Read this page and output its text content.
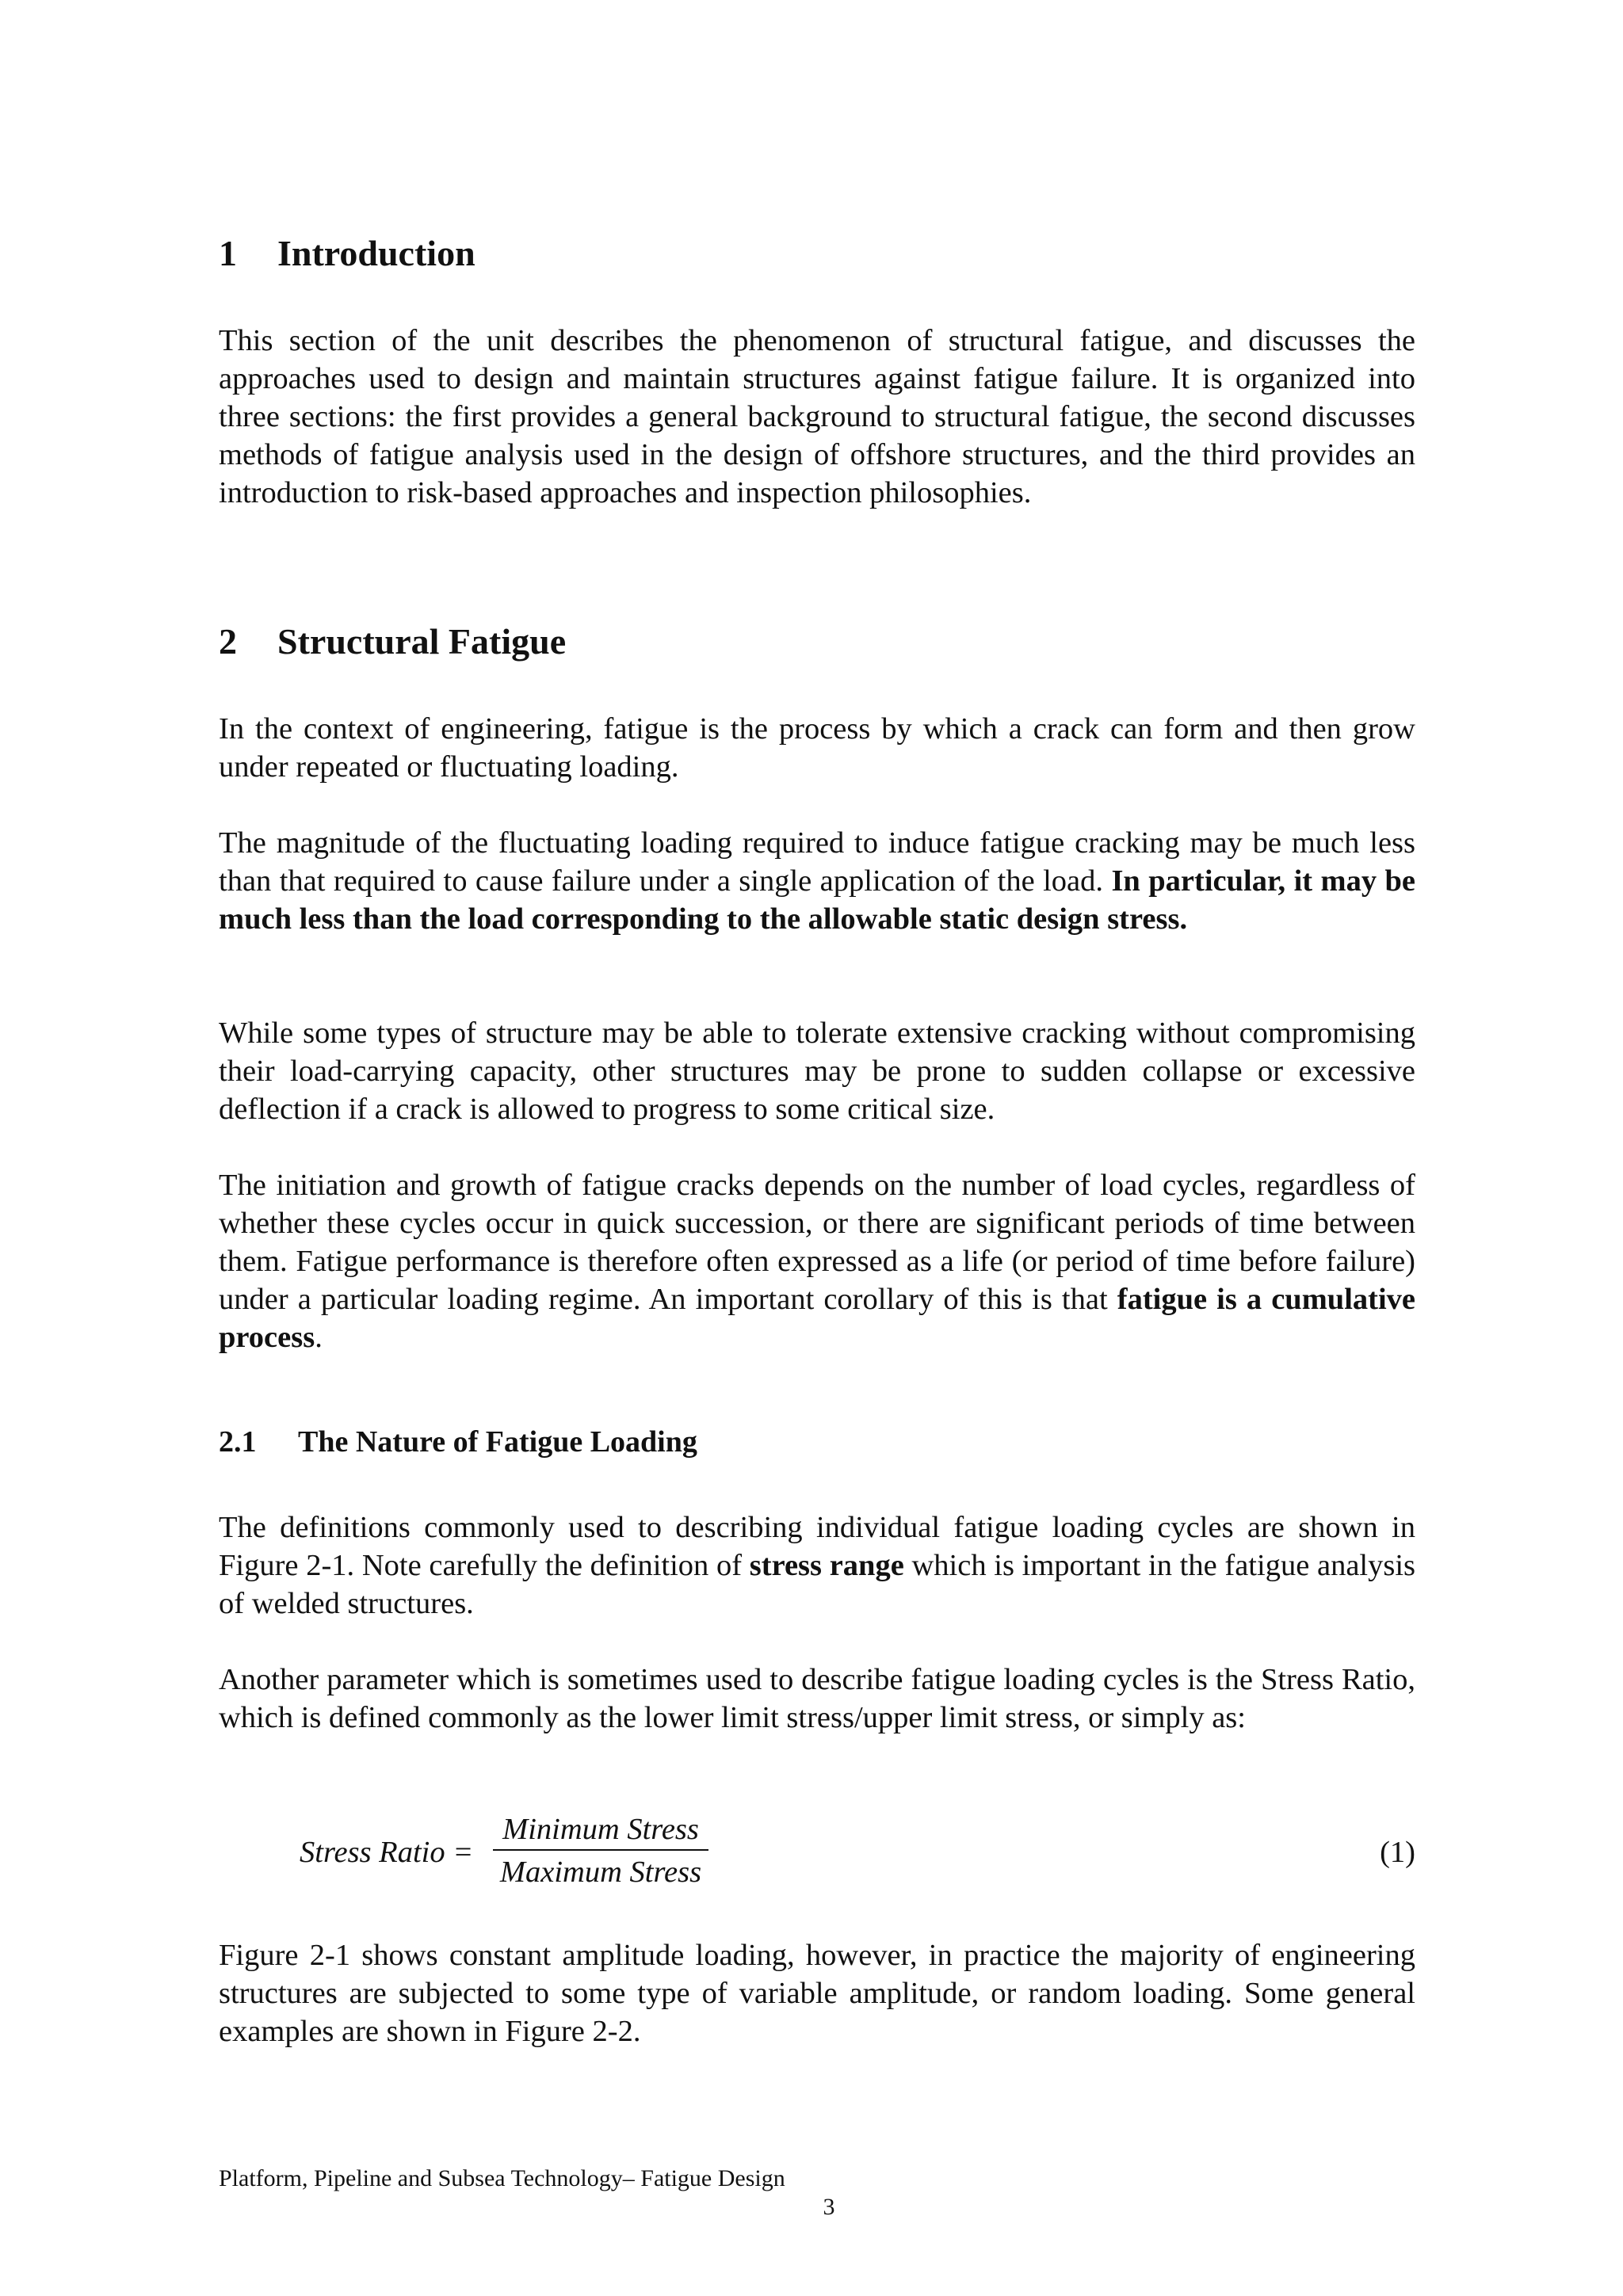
1 Introduction

This section of the unit describes the phenomenon of structural fatigue, and discusses the approaches used to design and maintain structures against fatigue failure. It is organized into three sections: the first provides a general background to structural fatigue, the second discusses methods of fatigue analysis used in the design of offshore structures, and the third provides an introduction to risk-based approaches and inspection philosophies.

2 Structural Fatigue

In the context of engineering, fatigue is the process by which a crack can form and then grow under repeated or fluctuating loading.

The magnitude of the fluctuating loading required to induce fatigue cracking may be much less than that required to cause failure under a single application of the load. In particular, it may be much less than the load corresponding to the allowable static design stress.

While some types of structure may be able to tolerate extensive cracking without compromising their load-carrying capacity, other structures may be prone to sudden collapse or excessive deflection if a crack is allowed to progress to some critical size.

The initiation and growth of fatigue cracks depends on the number of load cycles, regardless of whether these cycles occur in quick succession, or there are significant periods of time between them. Fatigue performance is therefore often expressed as a life (or period of time before failure) under a particular loading regime. An important corollary of this is that fatigue is a cumulative process.

2.1 The Nature of Fatigue Loading

The definitions commonly used to describing individual fatigue loading cycles are shown in Figure 2-1. Note carefully the definition of stress range which is important in the fatigue analysis of welded structures.

Another parameter which is sometimes used to describe fatigue loading cycles is the Stress Ratio, which is defined commonly as the lower limit stress/upper limit stress, or simply as:

Stress Ratio =
Minimum Stress
Maximum Stress
(1)

Figure 2-1 shows constant amplitude loading, however, in practice the majority of engineering structures are subjected to some type of variable amplitude, or random loading. Some general examples are shown in Figure 2-2.

Platform, Pipeline and Subsea Technology– Fatigue Design
3
